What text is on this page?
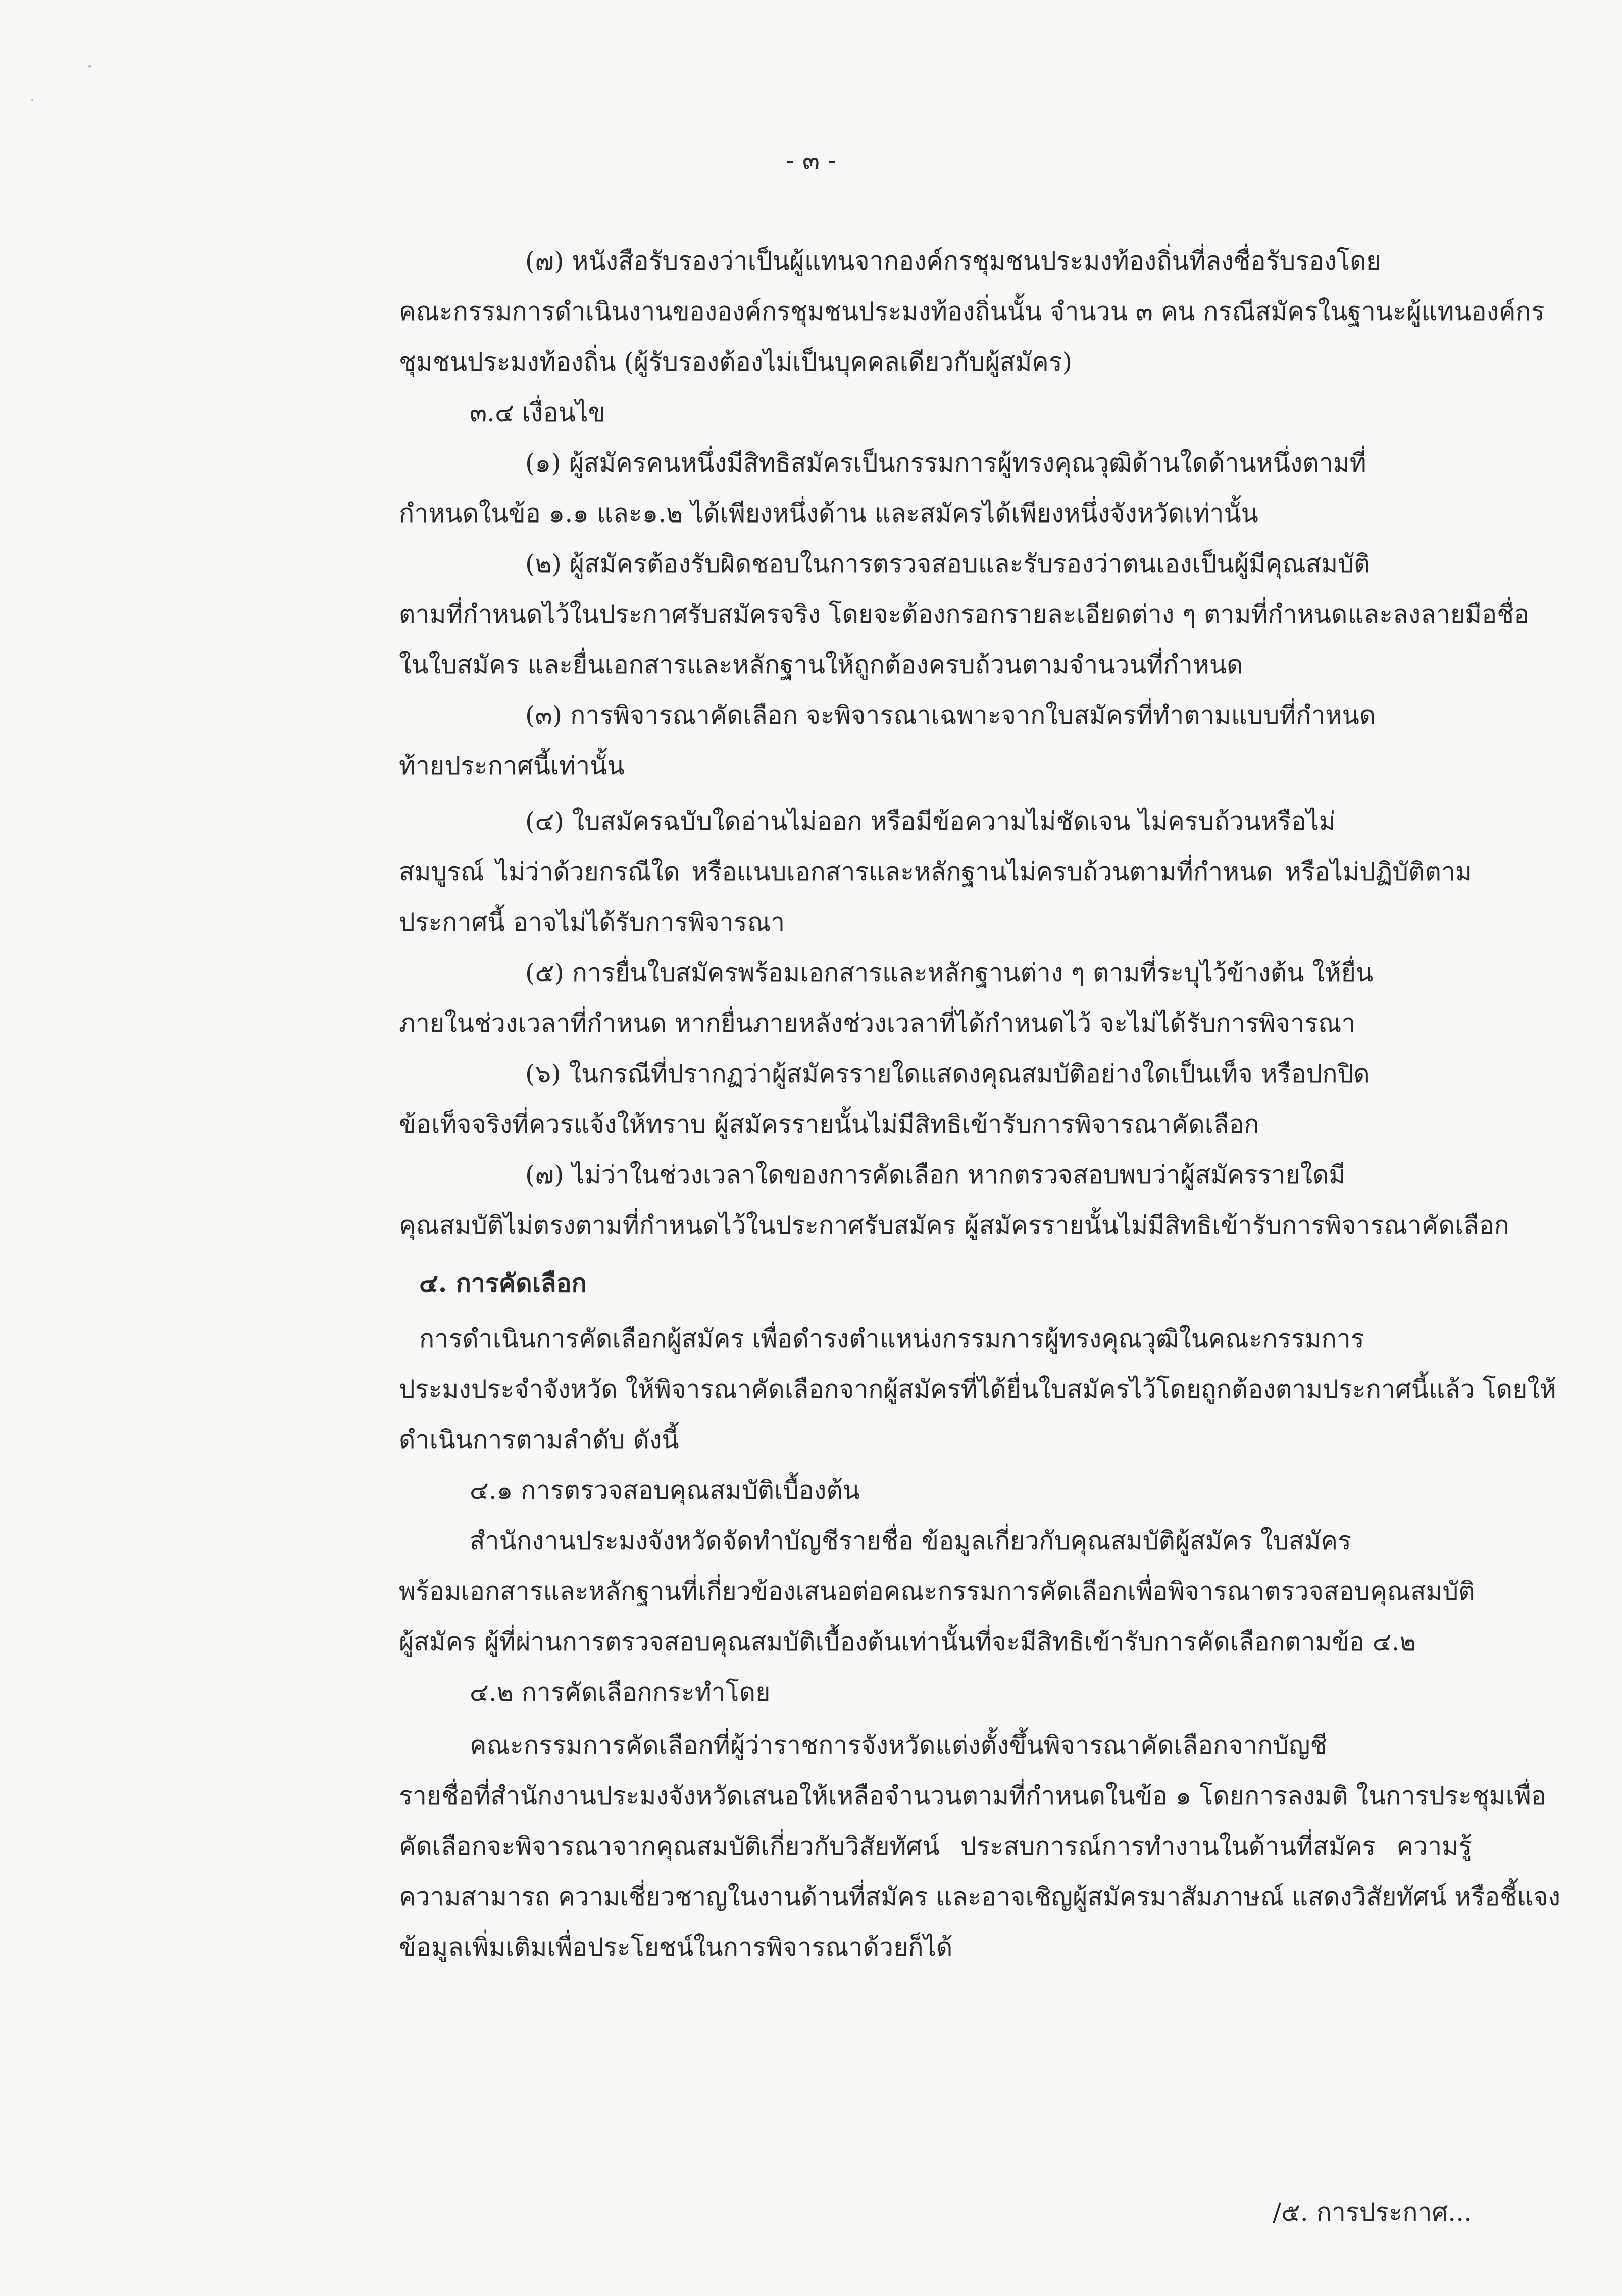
- ๓ -
(๗) หนังสือรับรองว่าเป็นผู้แทนจากองค์กรชุมชนประมงท้องถิ่นที่ลงชื่อรับรองโดย
คณะกรรมการดำเนินงานขององค์กรชุมชนประมงท้องถิ่นนั้น จำนวน ๓ คน กรณีสมัครในฐานะผู้แทนองค์กร
ชุมชนประมงท้องถิ่น (ผู้รับรองต้องไม่เป็นบุคคลเดียวกับผู้สมัคร)
๓.๔ เงื่อนไข
(๑) ผู้สมัครคนหนึ่งมีสิทธิสมัครเป็นกรรมการผู้ทรงคุณวุฒิด้านใดด้านหนึ่งตามที่
กำหนดในข้อ ๑.๑ และ๑.๒ ได้เพียงหนึ่งด้าน และสมัครได้เพียงหนึ่งจังหวัดเท่านั้น
(๒) ผู้สมัครต้องรับผิดชอบในการตรวจสอบและรับรองว่าตนเองเป็นผู้มีคุณสมบัติ
ตามที่กำหนดไว้ในประกาศรับสมัครจริง โดยจะต้องกรอกรายละเอียดต่าง ๆ ตามที่กำหนดและลงลายมือชื่อ
ในใบสมัคร และยื่นเอกสารและหลักฐานให้ถูกต้องครบถ้วนตามจำนวนที่กำหนด
(๓) การพิจารณาคัดเลือก จะพิจารณาเฉพาะจากใบสมัครที่ทำตามแบบที่กำหนด
ท้ายประกาศนี้เท่านั้น
(๔) ใบสมัครฉบับใดอ่านไม่ออก หรือมีข้อความไม่ชัดเจน ไม่ครบถ้วนหรือไม่
สมบูรณ์ ไม่ว่าด้วยกรณีใด หรือแนบเอกสารและหลักฐานไม่ครบถ้วนตามที่กำหนด หรือไม่ปฏิบัติตาม
ประกาศนี้ อาจไม่ได้รับการพิจารณา
(๕) การยื่นใบสมัครพร้อมเอกสารและหลักฐานต่าง ๆ ตามที่ระบุไว้ข้างต้น ให้ยื่น
ภายในช่วงเวลาที่กำหนด หากยื่นภายหลังช่วงเวลาที่ได้กำหนดไว้ จะไม่ได้รับการพิจารณา
(๖) ในกรณีที่ปรากฏว่าผู้สมัครรายใดแสดงคุณสมบัติอย่างใดเป็นเท็จ หรือปกปิด
ข้อเท็จจริงที่ควรแจ้งให้ทราบ ผู้สมัครรายนั้นไม่มีสิทธิเข้ารับการพิจารณาคัดเลือก
(๗) ไม่ว่าในช่วงเวลาใดของการคัดเลือก หากตรวจสอบพบว่าผู้สมัครรายใดมี
คุณสมบัติไม่ตรงตามที่กำหนดไว้ในประกาศรับสมัคร ผู้สมัครรายนั้นไม่มีสิทธิเข้ารับการพิจารณาคัดเลือก
๔. การคัดเลือก
การดำเนินการคัดเลือกผู้สมัคร เพื่อดำรงตำแหน่งกรรมการผู้ทรงคุณวุฒิในคณะกรรมการ
ประมงประจำจังหวัด ให้พิจารณาคัดเลือกจากผู้สมัครที่ได้ยื่นใบสมัครไว้โดยถูกต้องตามประกาศนี้แล้ว โดยให้
ดำเนินการตามลำดับ ดังนี้
๔.๑ การตรวจสอบคุณสมบัติเบื้องต้น
สำนักงานประมงจังหวัดจัดทำบัญชีรายชื่อ ข้อมูลเกี่ยวกับคุณสมบัติผู้สมัคร ใบสมัคร
พร้อมเอกสารและหลักฐานที่เกี่ยวข้องเสนอต่อคณะกรรมการคัดเลือกเพื่อพิจารณาตรวจสอบคุณสมบัติ
ผู้สมัคร ผู้ที่ผ่านการตรวจสอบคุณสมบัติเบื้องต้นเท่านั้นที่จะมีสิทธิเข้ารับการคัดเลือกตามข้อ ๔.๒
๔.๒ การคัดเลือกกระทำโดย
คณะกรรมการคัดเลือกที่ผู้ว่าราชการจังหวัดแต่งตั้งขึ้นพิจารณาคัดเลือกจากบัญชี
รายชื่อที่สำนักงานประมงจังหวัดเสนอให้เหลือจำนวนตามที่กำหนดในข้อ ๑ โดยการลงมติ ในการประชุมเพื่อ
คัดเลือกจะพิจารณาจากคุณสมบัติเกี่ยวกับวิสัยทัศน์ ประสบการณ์การทำงานในด้านที่สมัคร ความรู้
ความสามารถ ความเชี่ยวชาญในงานด้านที่สมัคร และอาจเชิญผู้สมัครมาสัมภาษณ์ แสดงวิสัยทัศน์ หรือชี้แจง
ข้อมูลเพิ่มเติมเพื่อประโยชน์ในการพิจารณาด้วยก็ได้
/๕. การประกาศ...
